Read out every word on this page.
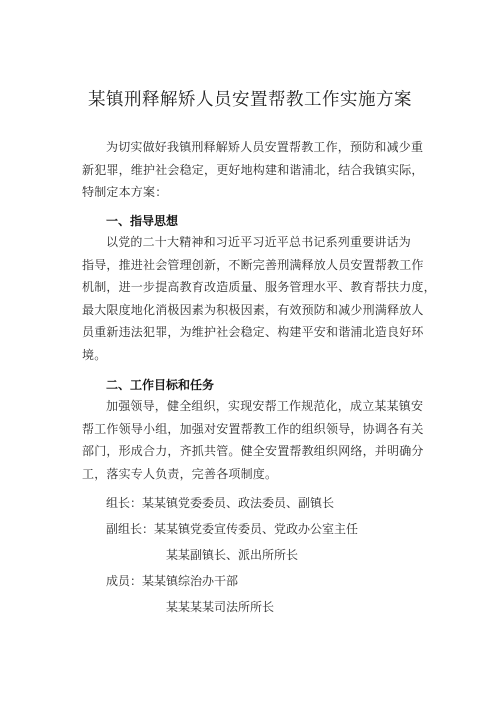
某镇刑释解矫人员安置帮教工作实施方案
为切实做好我镇刑释解矫人员安置帮教工作，预防和减少重
新犯罪，维护社会稳定，更好地构建和谐浦北，结合我镇实际，
特制定本方案：
一、指导思想
以党的二十大精神和习近平习近平总书记系列重要讲话为
指导，推进社会管理创新，不断完善刑满释放人员安置帮教工作
机制，进一步提高教育改造质量、服务管理水平、教育帮扶力度，
最大限度地化消极因素为积极因素，有效预防和减少刑满释放人
员重新违法犯罪，为维护社会稳定、构建平安和谐浦北造良好环
境。
二、工作目标和任务
加强领导，健全组织，实现安帮工作规范化，成立某某镇安
帮工作领导小组，加强对安置帮教工作的组织领导，协调各有关
部门，形成合力，齐抓共管。健全安置帮教组织网络，并明确分
工，落实专人负责，完善各项制度。
组长：某某镇党委委员、政法委员、副镇长
副组长：某某镇党委宣传委员、党政办公室主任
某某副镇长、派出所所长
成员：某某镇综治办干部
某某某某司法所所长
